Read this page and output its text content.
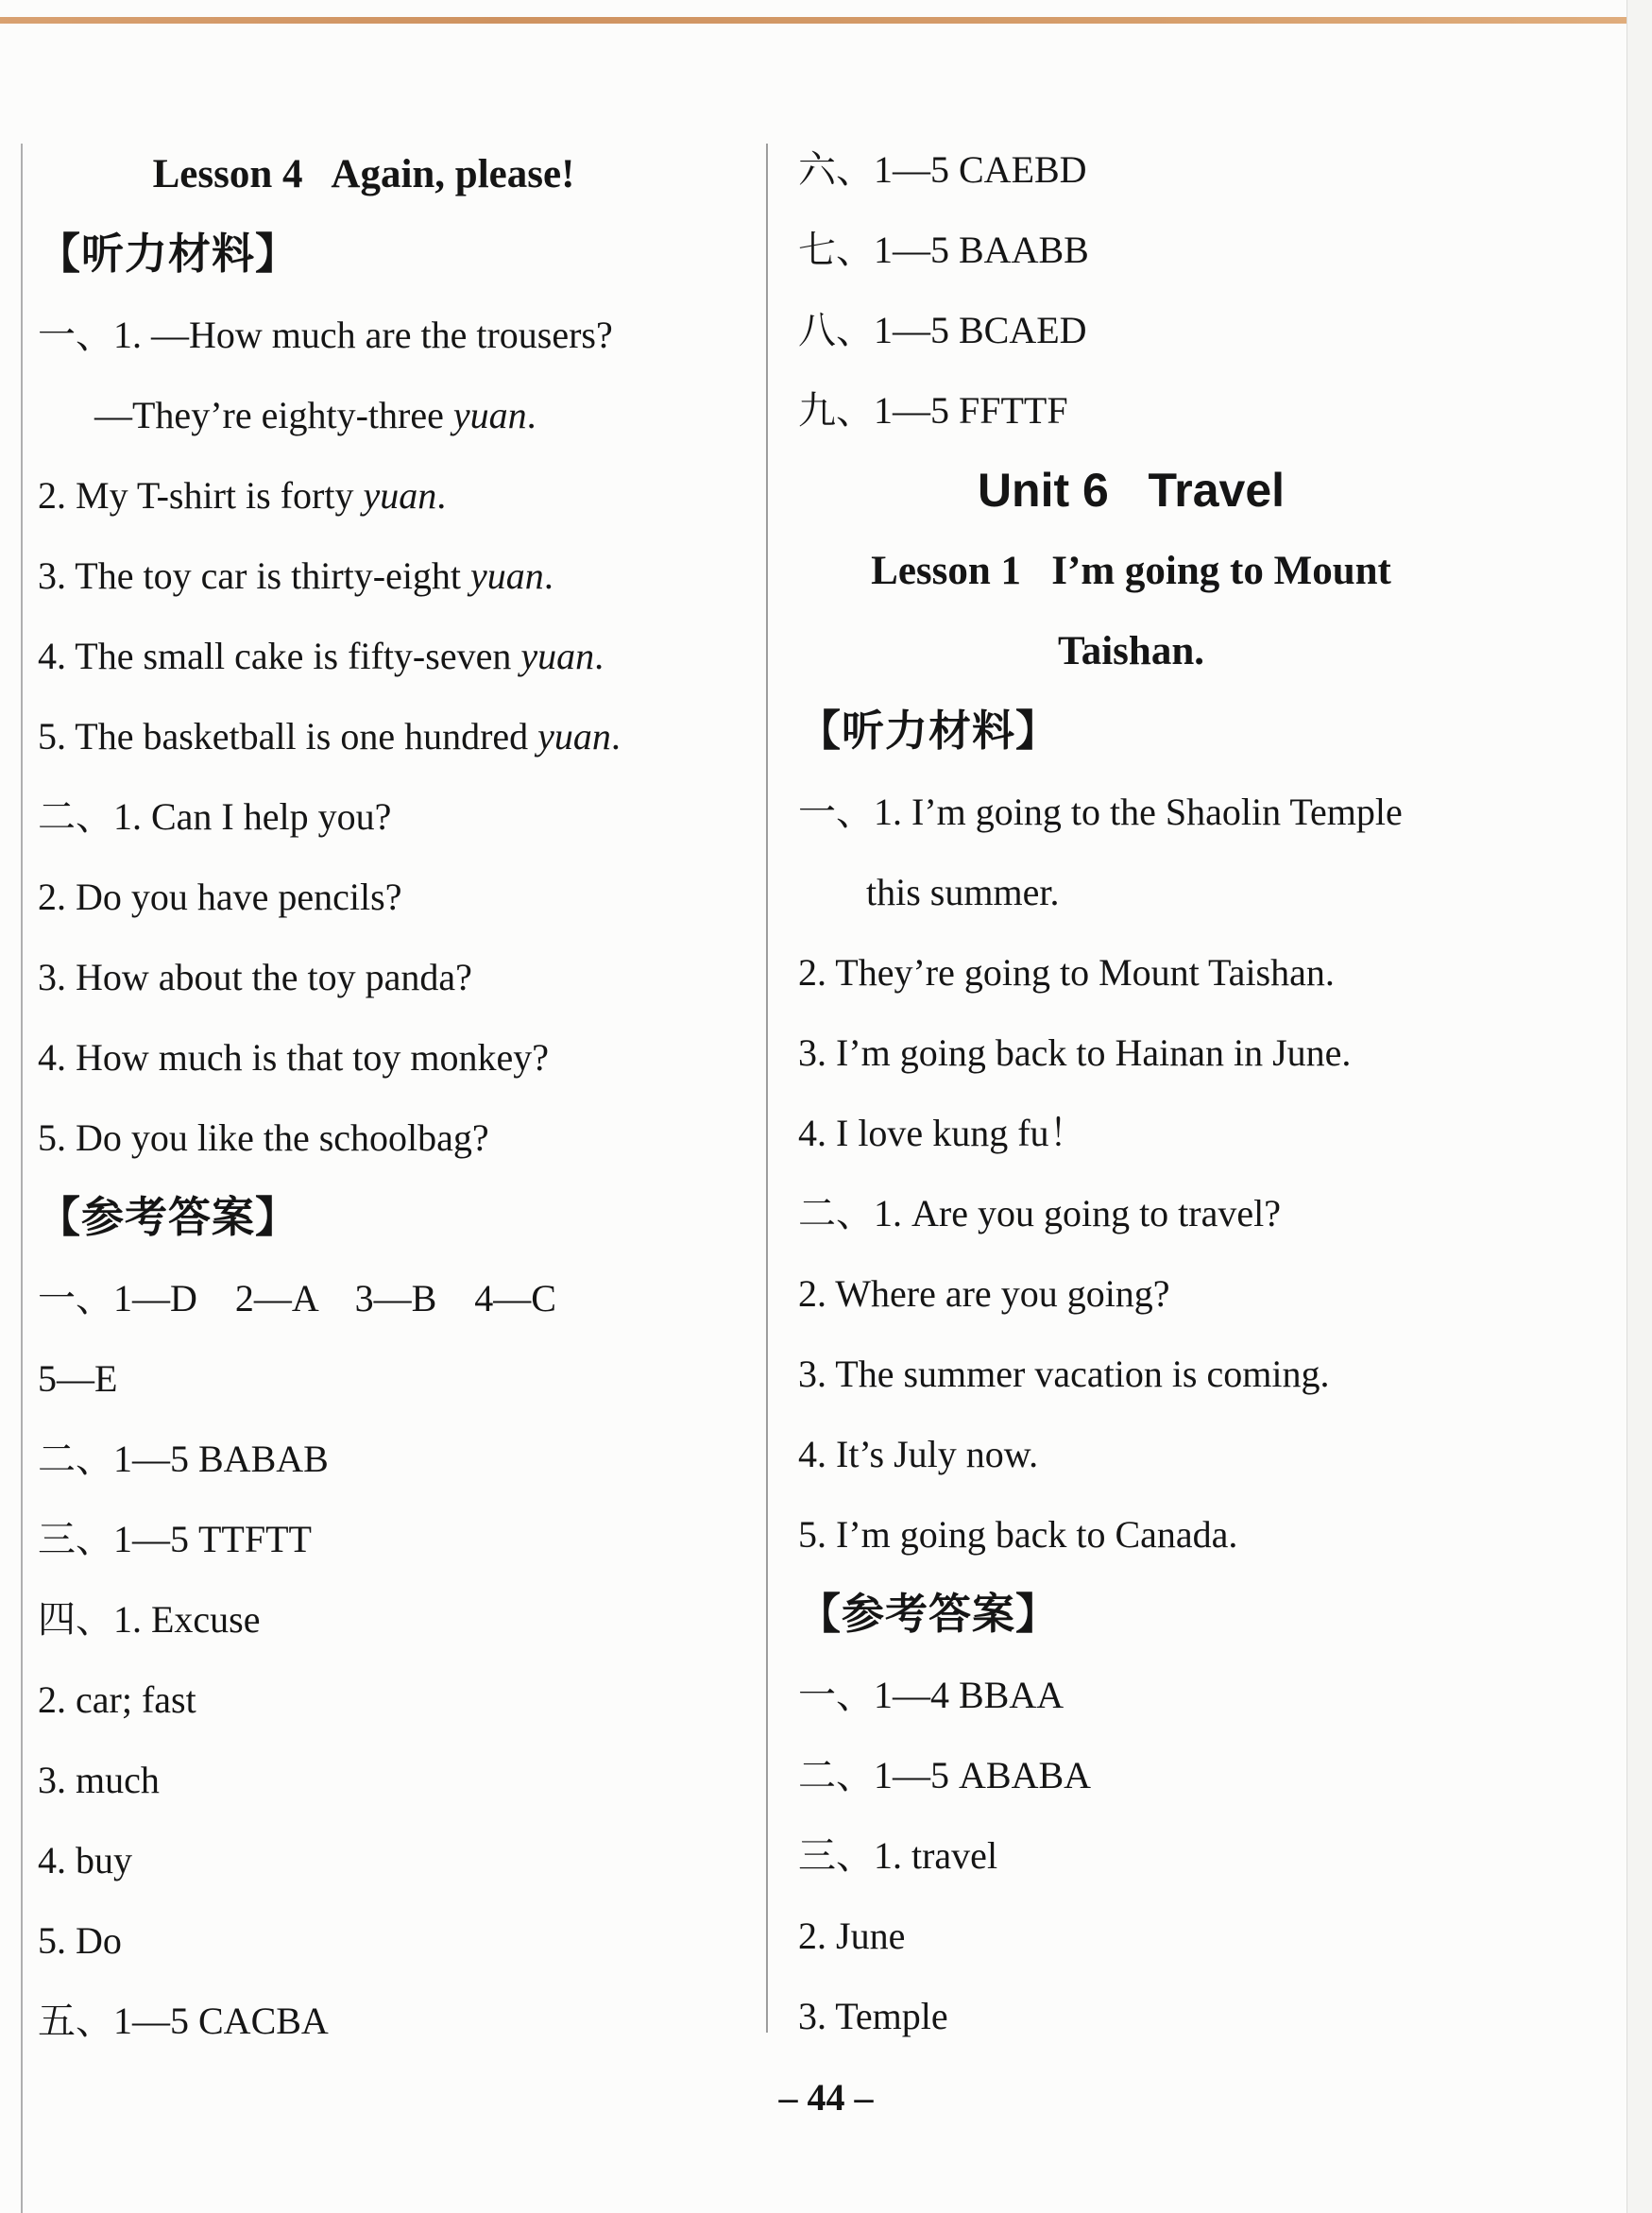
Lesson 4   Again, please!
【听力材料】
一、1. —How much are the trousers?
—They’re eighty-three yuan.
2. My T-shirt is forty yuan.
3. The toy car is thirty-eight yuan.
4. The small cake is fifty-seven yuan.
5. The basketball is one hundred yuan.
二、1. Can I help you?
2. Do you have pencils?
3. How about the toy panda?
4. How much is that toy monkey?
5. Do you like the schoolbag?
【参考答案】
一、1—D    2—A    3—B    4—C
5—E
二、1—5 BABAB
三、1—5 TTFTT
四、1. Excuse
2. car; fast
3. much
4. buy
5. Do
五、1—5 CACBA
六、1—5 CAEBD
七、1—5 BAABB
八、1—5 BCAED
九、1—5 FFTTF
Unit 6   Travel
Lesson 1   I’m going to Mount
Taishan.
【听力材料】
一、1. I’m going to the Shaolin Temple
this summer.
2. They’re going to Mount Taishan.
3. I’m going back to Hainan in June.
4. I love kung fu！
二、1. Are you going to travel?
2. Where are you going?
3. The summer vacation is coming.
4. It’s July now.
5. I’m going back to Canada.
【参考答案】
一、1—4 BBAA
二、1—5 ABABA
三、1. travel
2. June
3. Temple
– 44 –
